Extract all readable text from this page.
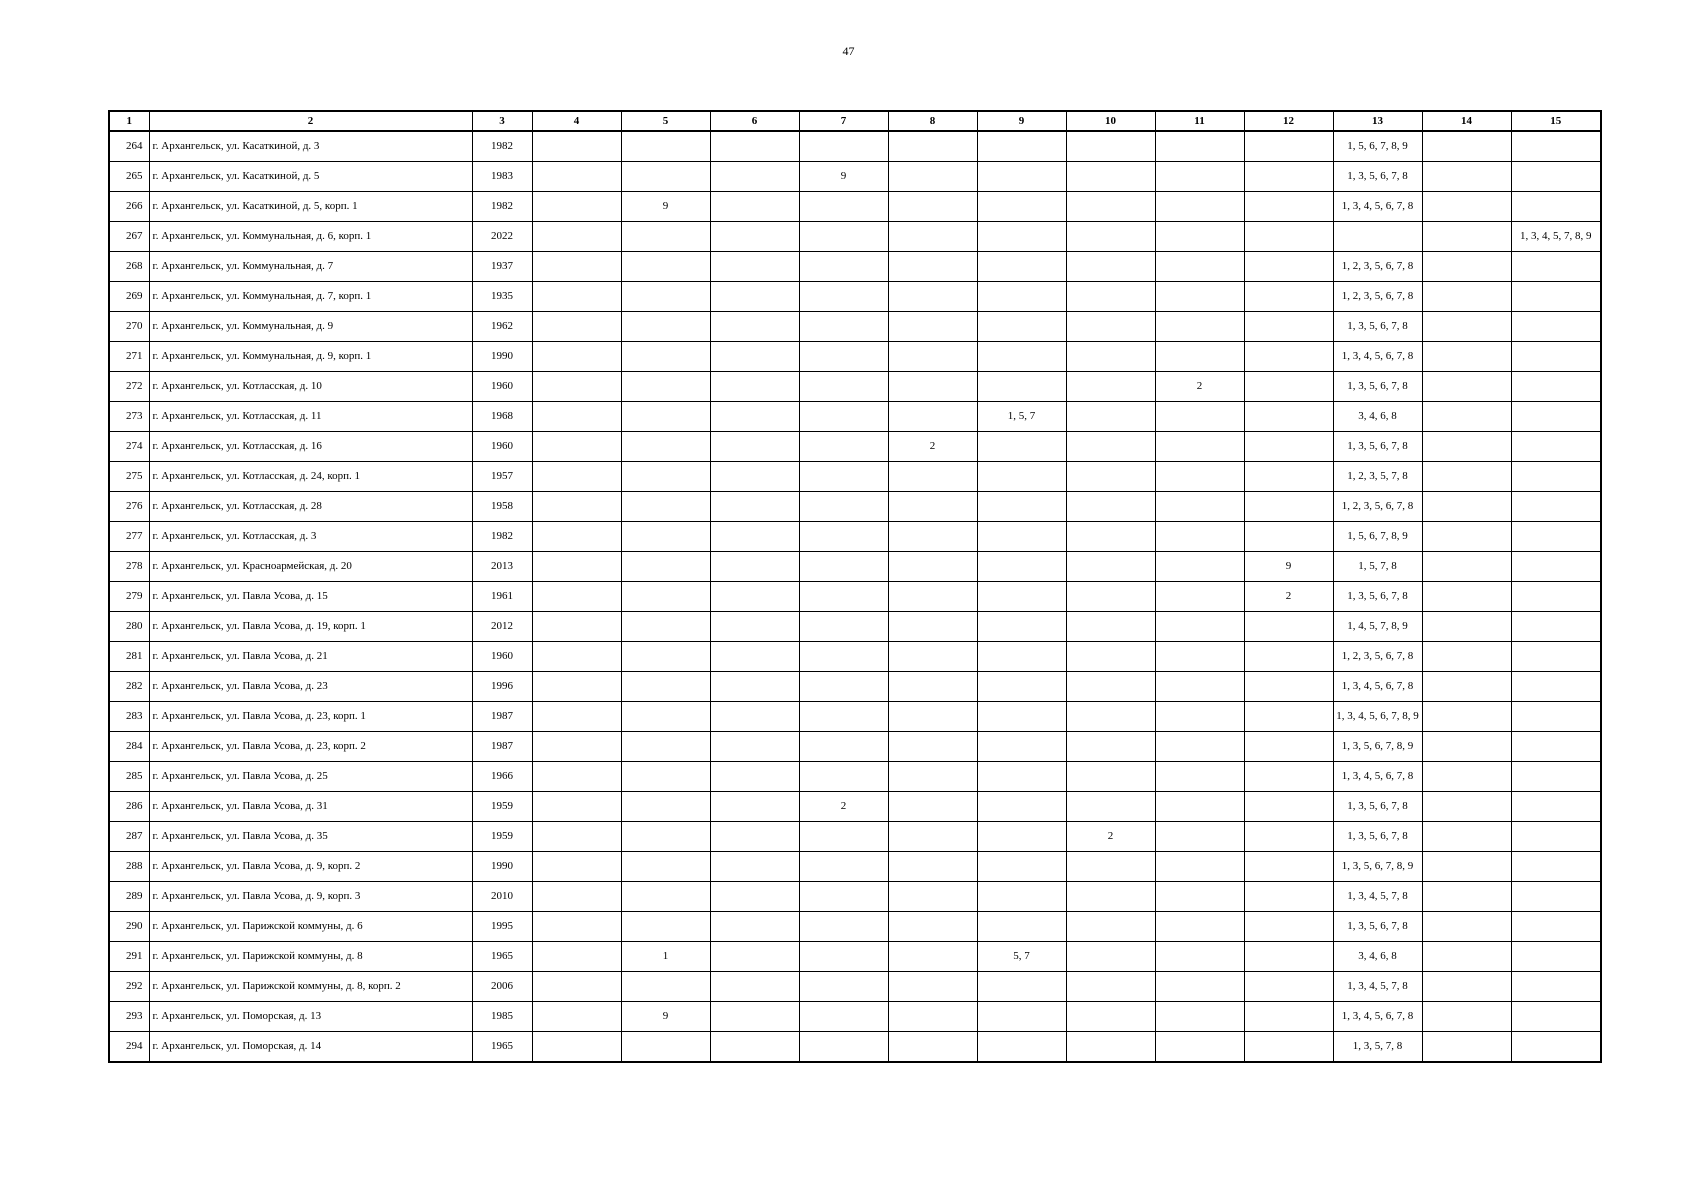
47
1	2	3	4	5	6	7	8	9	10	11	12	13	14	15
264	г. Архангельск, ул. Касаткиной, д. 3	1982										1, 5, 6, 7, 8, 9		
265	г. Архангельск, ул. Касаткиной, д. 5	1983				9						1, 3, 5, 6, 7, 8		
266	г. Архангельск, ул. Касаткиной, д. 5, корп. 1	1982		9								1, 3, 4, 5, 6, 7, 8		
267	г. Архангельск, ул. Коммунальная, д. 6, корп. 1	2022												1, 3, 4, 5, 7, 8, 9
268	г. Архангельск, ул. Коммунальная, д. 7	1937										1, 2, 3, 5, 6, 7, 8		
269	г. Архангельск, ул. Коммунальная, д. 7, корп. 1	1935										1, 2, 3, 5, 6, 7, 8		
270	г. Архангельск, ул. Коммунальная, д. 9	1962										1, 3, 5, 6, 7, 8		
271	г. Архангельск, ул. Коммунальная, д. 9, корп. 1	1990										1, 3, 4, 5, 6, 7, 8		
272	г. Архангельск, ул. Котласская, д. 10	1960								2		1, 3, 5, 6, 7, 8		
273	г. Архангельск, ул. Котласская, д. 11	1968						1, 5, 7				3, 4, 6, 8		
274	г. Архангельск, ул. Котласская, д. 16	1960					2					1, 3, 5, 6, 7, 8		
275	г. Архангельск, ул. Котласская, д. 24, корп. 1	1957										1, 2, 3, 5, 7, 8		
276	г. Архангельск, ул. Котласская, д. 28	1958										1, 2, 3, 5, 6, 7, 8		
277	г. Архангельск, ул. Котласская, д. 3	1982										1, 5, 6, 7, 8, 9		
278	г. Архангельск, ул. Красноармейская, д. 20	2013									9	1, 5, 7, 8		
279	г. Архангельск, ул. Павла Усова, д. 15	1961									2	1, 3, 5, 6, 7, 8		
280	г. Архангельск, ул. Павла Усова, д. 19, корп. 1	2012										1, 4, 5, 7, 8, 9		
281	г. Архангельск, ул. Павла Усова, д. 21	1960										1, 2, 3, 5, 6, 7, 8		
282	г. Архангельск, ул. Павла Усова, д. 23	1996										1, 3, 4, 5, 6, 7, 8		
283	г. Архангельск, ул. Павла Усова, д. 23, корп. 1	1987										1, 3, 4, 5, 6, 7, 8, 9		
284	г. Архангельск, ул. Павла Усова, д. 23, корп. 2	1987										1, 3, 5, 6, 7, 8, 9		
285	г. Архангельск, ул. Павла Усова, д. 25	1966										1, 3, 4, 5, 6, 7, 8		
286	г. Архангельск, ул. Павла Усова, д. 31	1959				2						1, 3, 5, 6, 7, 8		
287	г. Архангельск, ул. Павла Усова, д. 35	1959							2			1, 3, 5, 6, 7, 8		
288	г. Архангельск, ул. Павла Усова, д. 9, корп. 2	1990										1, 3, 5, 6, 7, 8, 9		
289	г. Архангельск, ул. Павла Усова, д. 9, корп. 3	2010										1, 3, 4, 5, 7, 8		
290	г. Архангельск, ул. Парижской коммуны, д. 6	1995										1, 3, 5, 6, 7, 8		
291	г. Архангельск, ул. Парижской коммуны, д. 8	1965		1				5, 7				3, 4, 6, 8		
292	г. Архангельск, ул. Парижской коммуны, д. 8, корп. 2	2006										1, 3, 4, 5, 7, 8		
293	г. Архангельск, ул. Поморская, д. 13	1985		9								1, 3, 4, 5, 6, 7, 8		
294	г. Архангельск, ул. Поморская, д. 14	1965										1, 3, 5, 7, 8		
